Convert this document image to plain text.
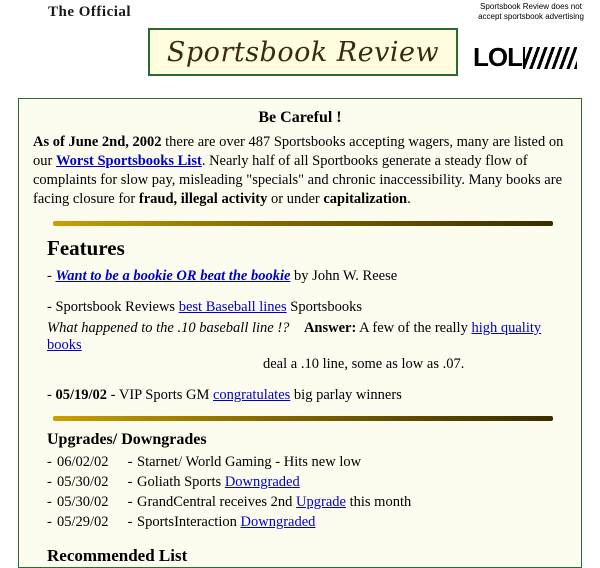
The Official	Sportsbook Review does not accept sportsbook advertising
Sportsbook Review LOL
Be Careful !
As of June 2nd, 2002 there are over 487 Sportsbooks accepting wagers, many are listed on our Worst Sportsbooks List. Nearly half of all Sportbooks generate a steady flow of complaints for slow pay, misleading "specials" and chronic inaccessibility. Many books are facing closure for fraud, illegal activity or under capitalization.
Features
- Want to be a bookie OR beat the bookie by John W. Reese
- Sportsbook Reviews best Baseball lines Sportsbooks
What happened to the .10 baseball line !? Answer: A few of the really high quality books
deal a .10 line, some as low as .07.
- 05/19/02 - VIP Sports GM congratulates big parlay winners
Upgrades/ Downgrades
- 06/02/02 - Starnet/ World Gaming - Hits new low
- 05/30/02 - Goliath Sports Downgraded
- 05/30/02 - GrandCentral receives 2nd Upgrade this month
- 05/29/02 - SportsInteraction Downgraded
Recommended List
